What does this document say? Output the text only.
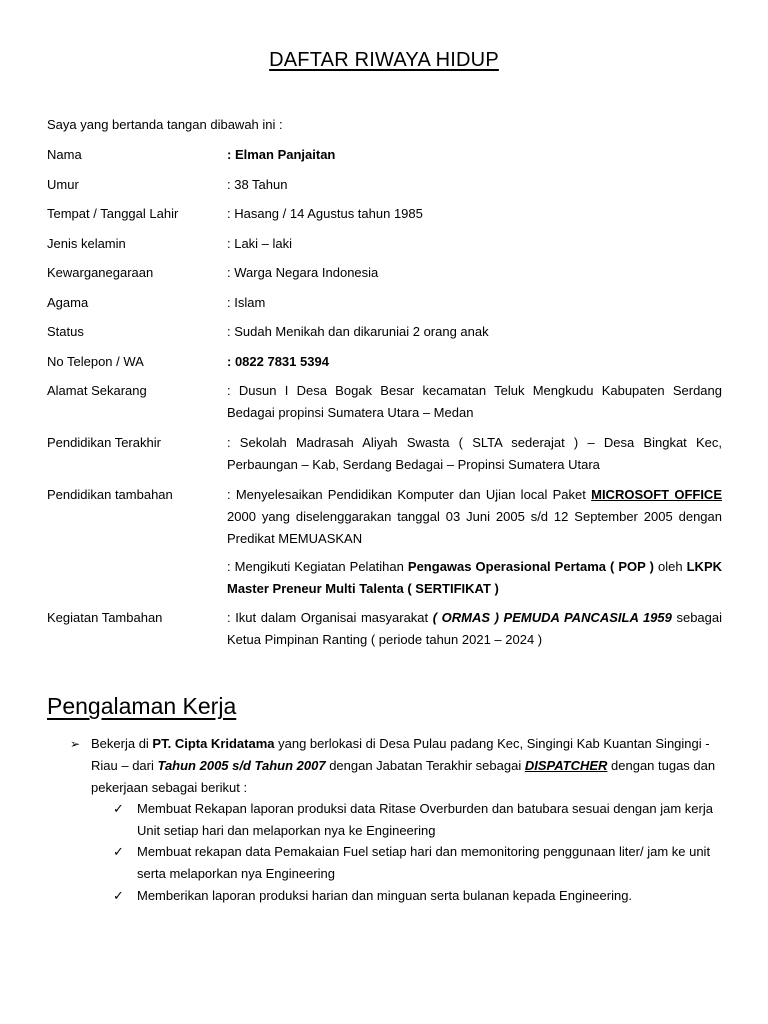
DAFTAR RIWAYA HIDUP
Saya yang bertanda tangan dibawah ini :
Nama	: Elman Panjaitan
Umur	: 38 Tahun
Tempat / Tanggal Lahir	: Hasang / 14 Agustus tahun 1985
Jenis kelamin	: Laki – laki
Kewarganegaraan	: Warga Negara Indonesia
Agama	: Islam
Status	: Sudah Menikah dan dikaruniai 2 orang anak
No Telepon / WA	: 0822 7831 5394
Alamat Sekarang	: Dusun I Desa Bogak Besar kecamatan Teluk Mengkudu Kabupaten Serdang Bedagai propinsi Sumatera Utara – Medan
Pendidikan Terakhir	: Sekolah Madrasah Aliyah Swasta ( SLTA sederajat ) – Desa Bingkat Kec, Perbaungan – Kab, Serdang Bedagai – Propinsi Sumatera Utara
Pendidikan tambahan	: Menyelesaikan Pendidikan Komputer dan Ujian local Paket MICROSOFT OFFICE 2000 yang diselenggarakan tanggal 03 Juni 2005 s/d 12 September 2005 dengan Predikat MEMUASKAN
: Mengikuti Kegiatan Pelatihan Pengawas Operasional Pertama ( POP ) oleh LKPK Master Preneur Multi Talenta ( SERTIFIKAT )
Kegiatan Tambahan	: Ikut dalam Organisai masyarakat ( ORMAS ) PEMUDA PANCASILA 1959 sebagai Ketua Pimpinan Ranting ( periode tahun 2021 – 2024 )
Pengalaman Kerja
➢ Bekerja di PT. Cipta Kridatama yang berlokasi di Desa Pulau padang Kec, Singingi Kab Kuantan Singingi - Riau – dari Tahun 2005 s/d Tahun 2007 dengan Jabatan Terakhir sebagai DISPATCHER dengan tugas dan pekerjaan sebagai berikut :
✓ Membuat Rekapan laporan produksi data Ritase Overburden dan batubara sesuai dengan jam kerja Unit setiap hari dan melaporkan nya ke Engineering
✓ Membuat rekapan data Pemakaian Fuel setiap hari dan memonitoring penggunaan liter/ jam ke unit serta melaporkan nya Engineering
✓ Memberikan laporan produksi harian dan minguan serta bulanan kepada Engineering.
